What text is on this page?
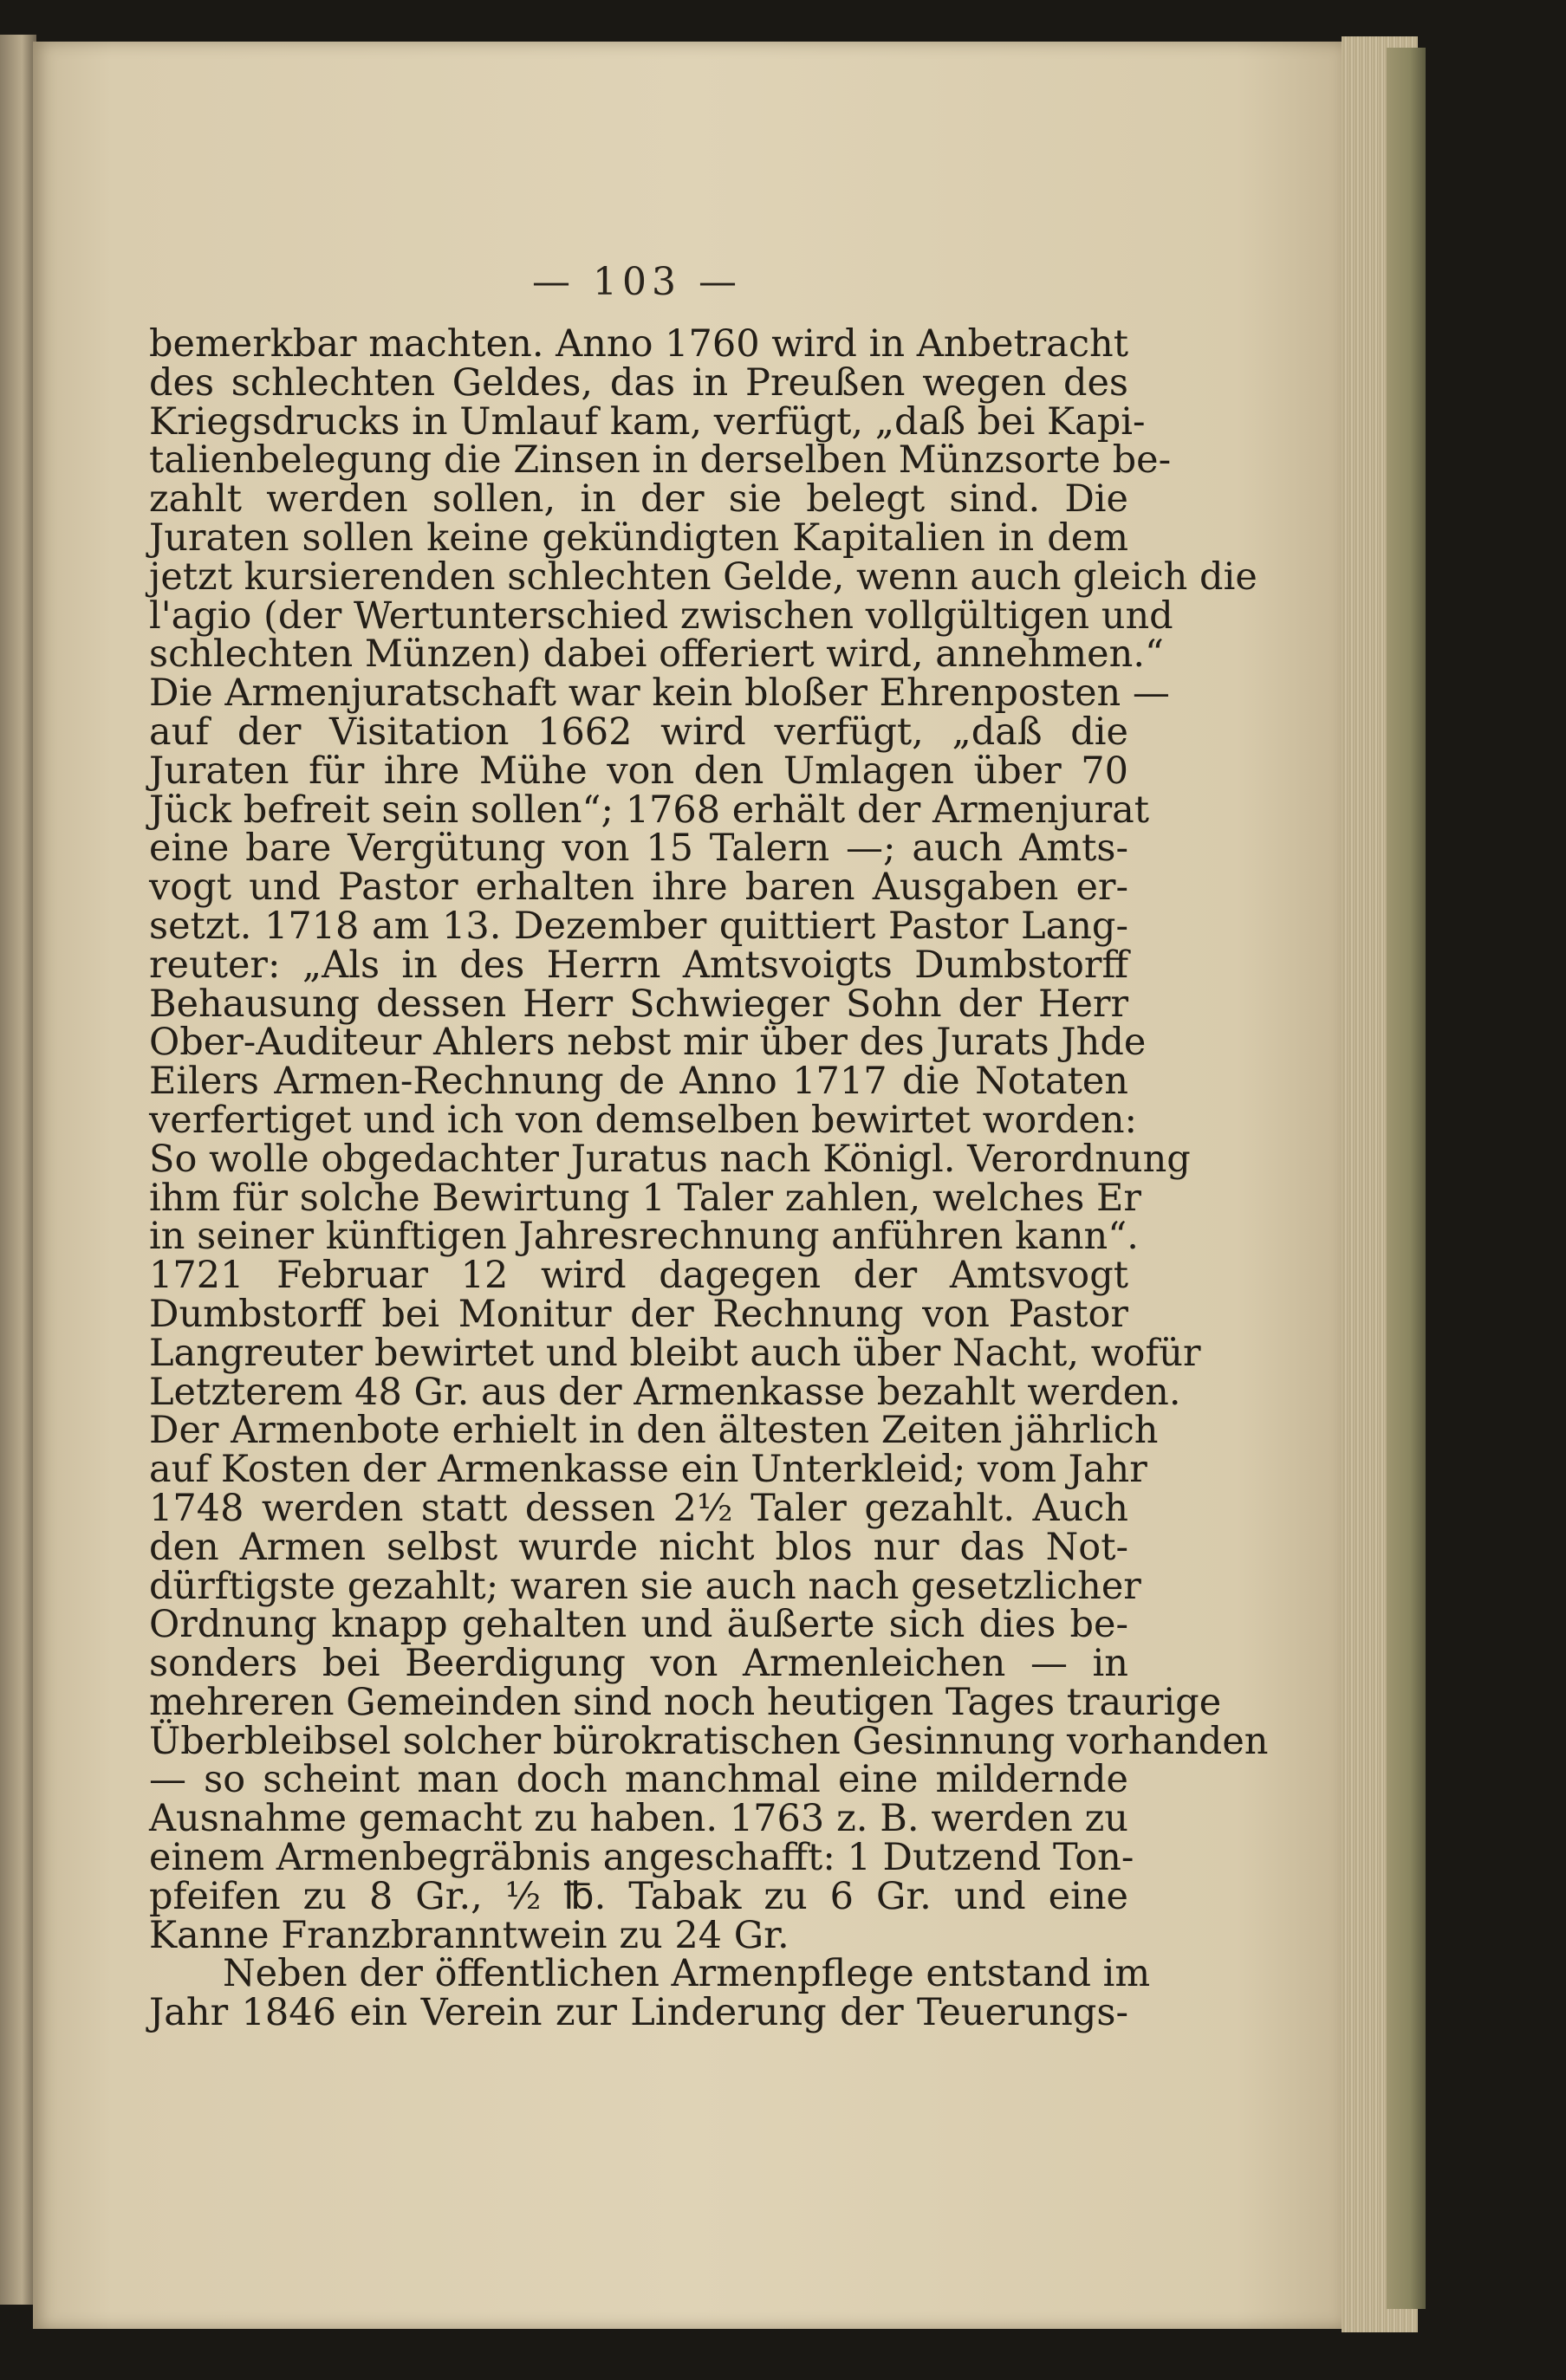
— 103 —
bemerkbar machten. Anno 1760 wird in Anbetracht
des schlechten Geldes, das in Preußen wegen des
Kriegsdrucks in Umlauf kam, verfügt, „daß bei Kapi-
talienbelegung die Zinsen in derselben Münzsorte be-
zahlt werden sollen, in der sie belegt sind. Die
Juraten sollen keine gekündigten Kapitalien in dem
jetzt kursierenden schlechten Gelde, wenn auch gleich die
l'agio (der Wertunterschied zwischen vollgültigen und
schlechten Münzen) dabei offeriert wird, annehmen.“
Die Armenjuratschaft war kein bloßer Ehrenposten —
auf der Visitation 1662 wird verfügt, „daß die
Juraten für ihre Mühe von den Umlagen über 70
Jück befreit sein sollen“; 1768 erhält der Armenjurat
eine bare Vergütung von 15 Talern —; auch Amts-
vogt und Pastor erhalten ihre baren Ausgaben er-
setzt. 1718 am 13. Dezember quittiert Pastor Lang-
reuter: „Als in des Herrn Amtsvoigts Dumbstorff
Behausung dessen Herr Schwieger Sohn der Herr
Ober-Auditeur Ahlers nebst mir über des Jurats Jhde
Eilers Armen-Rechnung de Anno 1717 die Notaten
verfertiget und ich von demselben bewirtet worden:
So wolle obgedachter Juratus nach Königl. Verordnung
ihm für solche Bewirtung 1 Taler zahlen, welches Er
in seiner künftigen Jahresrechnung anführen kann“.
1721 Februar 12 wird dagegen der Amtsvogt
Dumbstorff bei Monitur der Rechnung von Pastor
Langreuter bewirtet und bleibt auch über Nacht, wofür
Letzterem 48 Gr. aus der Armenkasse bezahlt werden.
Der Armenbote erhielt in den ältesten Zeiten jährlich
auf Kosten der Armenkasse ein Unterkleid; vom Jahr
1748 werden statt dessen 2½ Taler gezahlt. Auch
den Armen selbst wurde nicht blos nur das Not-
dürftigste gezahlt; waren sie auch nach gesetzlicher
Ordnung knapp gehalten und äußerte sich dies be-
sonders bei Beerdigung von Armenleichen — in
mehreren Gemeinden sind noch heutigen Tages traurige
Überbleibsel solcher bürokratischen Gesinnung vorhanden
— so scheint man doch manchmal eine mildernde
Ausnahme gemacht zu haben. 1763 z. B. werden zu
einem Armenbegräbnis angeschafft: 1 Dutzend Ton-
pfeifen zu 8 Gr., ½ ℔. Tabak zu 6 Gr. und eine
Kanne Franzbranntwein zu 24 Gr.
Neben der öffentlichen Armenpflege entstand im
Jahr 1846 ein Verein zur Linderung der Teuerungs-
